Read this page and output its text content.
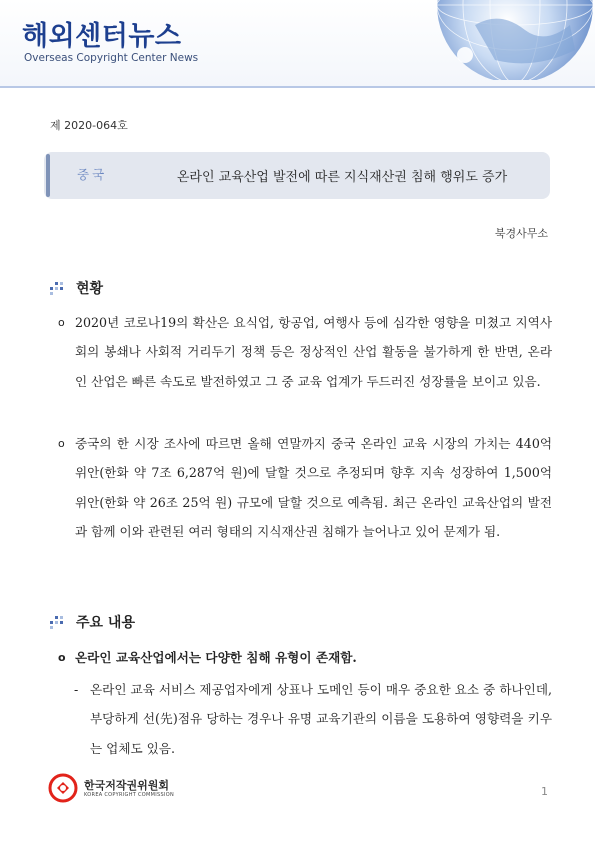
해외센터뉴스
Overseas Copyright Center News
제 2020-064호
중국	온라인 교육산업 발전에 따른 지식재산권 침해 행위도 증가
북경사무소
현황
o 2020년 코로나19의 확산은 요식업, 항공업, 여행사 등에 심각한 영향을 미쳤고 지역사회의 봉쇄나 사회적 거리두기 정책 등은 정상적인 산업 활동을 불가하게 한 반면, 온라인 산업은 빠른 속도로 발전하였고 그 중 교육 업계가 두드러진 성장률을 보이고 있음.
o 중국의 한 시장 조사에 따르면 올해 연말까지 중국 온라인 교육 시장의 가치는 440억 위안(한화 약 7조 6,287억 원)에 달할 것으로 추정되며 향후 지속 성장하여 1,500억 위안(한화 약 26조 25억 원) 규모에 달할 것으로 예측됨. 최근 온라인 교육산업의 발전과 함께 이와 관련된 여러 형태의 지식재산권 침해가 늘어나고 있어 문제가 됨.
주요 내용
o 온라인 교육산업에서는 다양한 침해 유형이 존재함.
- 온라인 교육 서비스 제공업자에게 상표나 도메인 등이 매우 중요한 요소 중 하나인데, 부당하게 선(先)점유 당하는 경우나 유명 교육기관의 이름을 도용하여 영향력을 키우는 업체도 있음.
한국저작권위원회
KOREA COPYRIGHT COMMISSION	1
